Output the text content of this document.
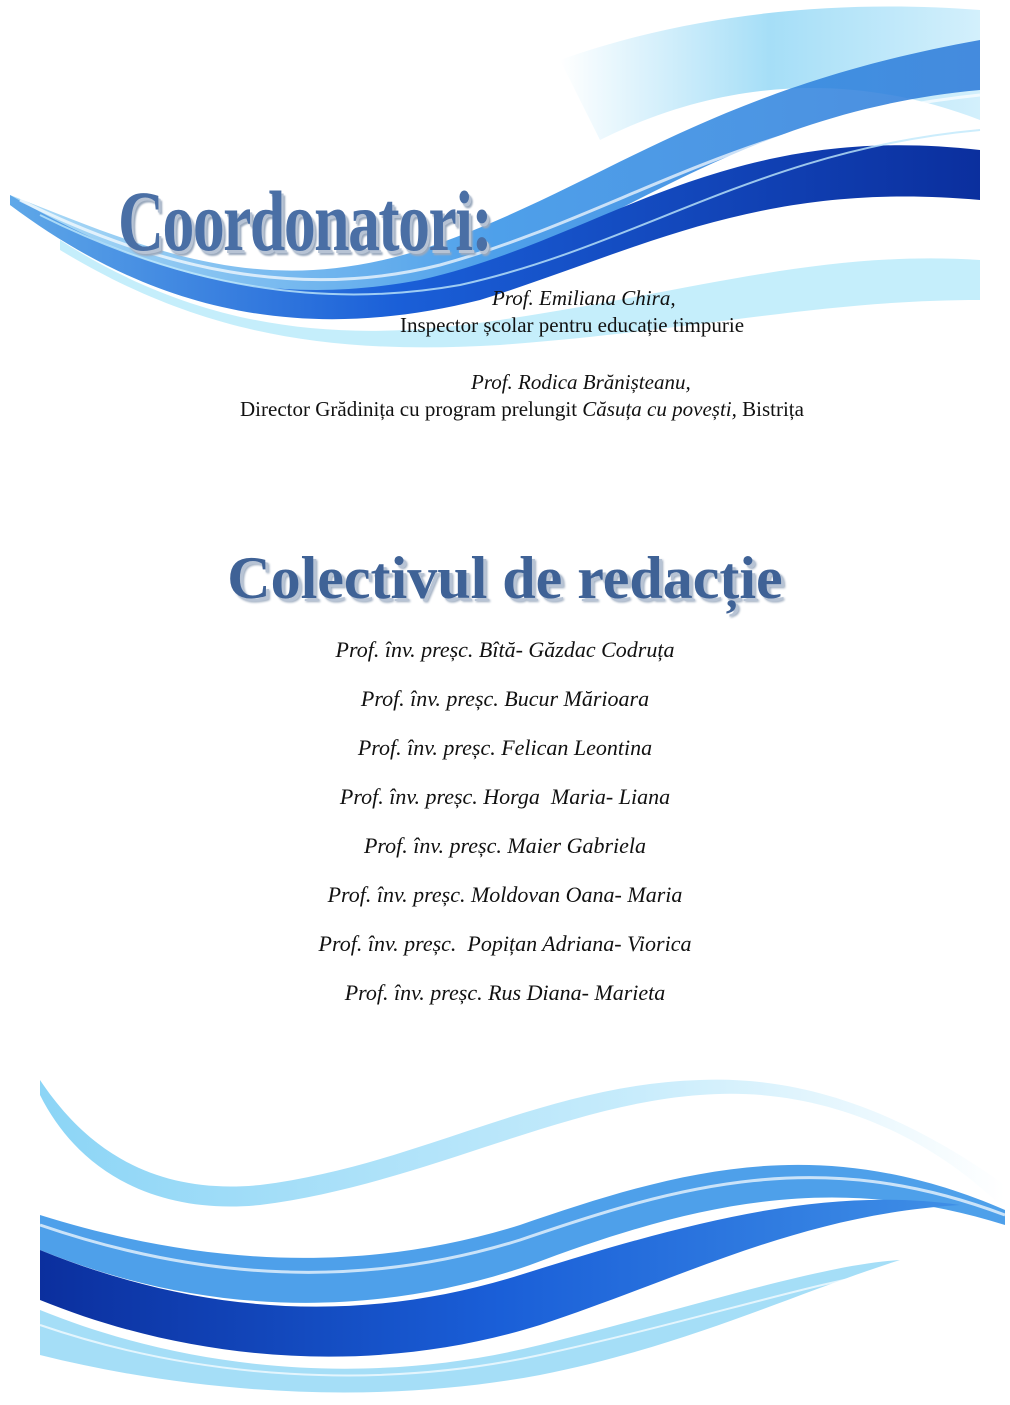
Coordonatori:
Prof. Emiliana Chira,
Inspector școlar pentru educație timpurie
Prof. Rodica Brănișteanu,
Director Grădinița cu program prelungit Căsuța cu povești, Bistrița
Colectivul de redacție
Prof. înv. preșc. Bîtă- Găzdac Codruța
Prof. înv. preșc. Bucur Mărioara
Prof. înv. preșc. Felican Leontina
Prof. înv. preșc. Horga  Maria- Liana
Prof. înv. preșc. Maier Gabriela
Prof. înv. preșc. Moldovan Oana- Maria
Prof. înv. preșc.  Popițan Adriana- Viorica
Prof. înv. preșc. Rus Diana- Marieta
